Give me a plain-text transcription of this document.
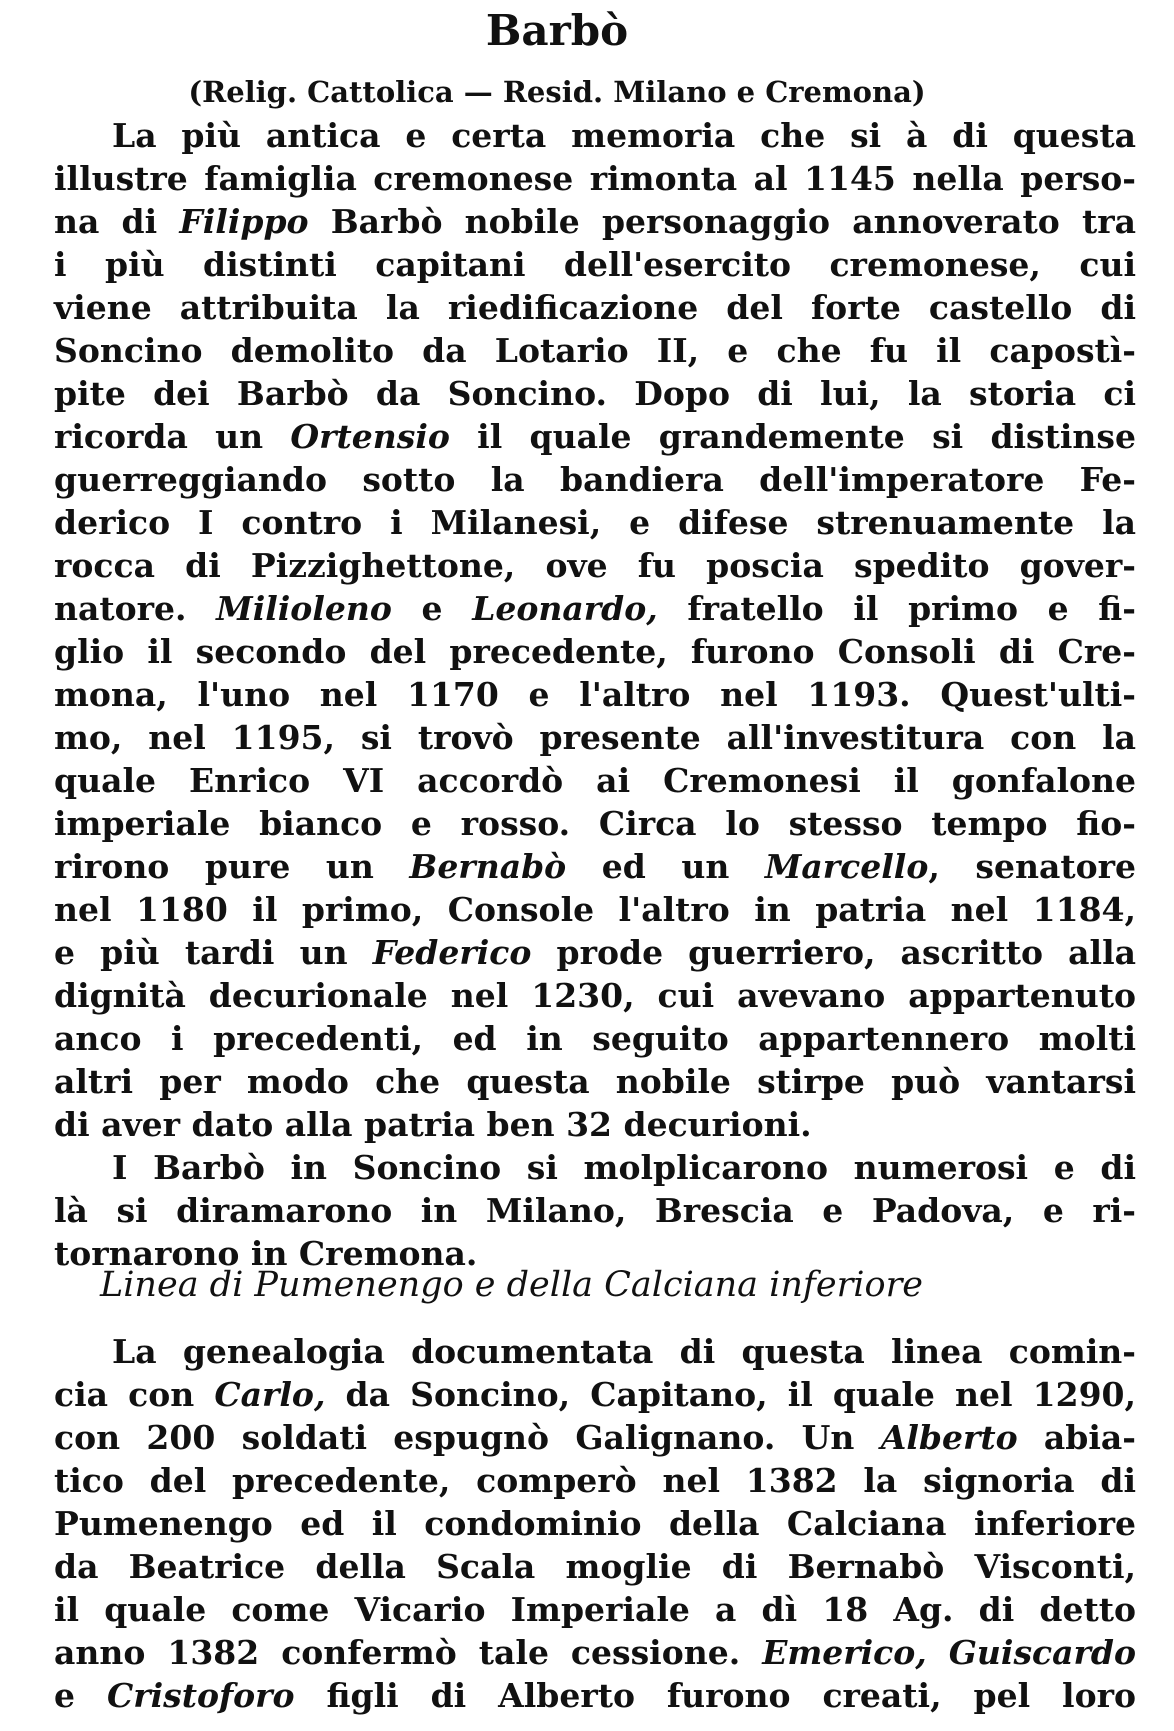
Barbò
(Relig. Cattolica — Resid. Milano e Cremona)
La più antica e certa memoria che si à di questa
illustre famiglia cremonese rimonta al 1145 nella perso-
na di Filippo Barbò nobile personaggio annoverato tra
i più distinti capitani dell'esercito cremonese, cui
viene attribuita la riedificazione del forte castello di
Soncino demolito da Lotario II, e che fu il capostì-
pite dei Barbò da Soncino. Dopo di lui, la storia ci
ricorda un Ortensio il quale grandemente si distinse
guerreggiando sotto la bandiera dell'imperatore Fe-
derico I contro i Milanesi, e difese strenuamente la
rocca di Pizzighettone, ove fu poscia spedito gover-
natore. Milioleno e Leonardo, fratello il primo e fi-
glio il secondo del precedente, furono Consoli di Cre-
mona, l'uno nel 1170 e l'altro nel 1193. Quest'ulti-
mo, nel 1195, si trovò presente all'investitura con la
quale Enrico VI accordò ai Cremonesi il gonfalone
imperiale bianco e rosso. Circa lo stesso tempo fio-
rirono pure un Bernabò ed un Marcello, senatore
nel 1180 il primo, Console l'altro in patria nel 1184,
e più tardi un Federico prode guerriero, ascritto alla
dignità decurionale nel 1230, cui avevano appartenuto
anco i precedenti, ed in seguito appartennero molti
altri per modo che questa nobile stirpe può vantarsi
di aver dato alla patria ben 32 decurioni.
I Barbò in Soncino si molplicarono numerosi e di
là si diramarono in Milano, Brescia e Padova, e ri-
tornarono in Cremona.
Linea di Pumenengo e della Calciana inferiore
La genealogia documentata di questa linea comin-
cia con Carlo, da Soncino, Capitano, il quale nel 1290,
con 200 soldati espugnò Galignano. Un Alberto abia-
tico del precedente, comperò nel 1382 la signoria di
Pumenengo ed il condominio della Calciana inferiore
da Beatrice della Scala moglie di Bernabò Visconti,
il quale come Vicario Imperiale a dì 18 Ag. di detto
anno 1382 confermò tale cessione. Emerico, Guiscardo
e Cristoforo figli di Alberto furono creati, pel loro
